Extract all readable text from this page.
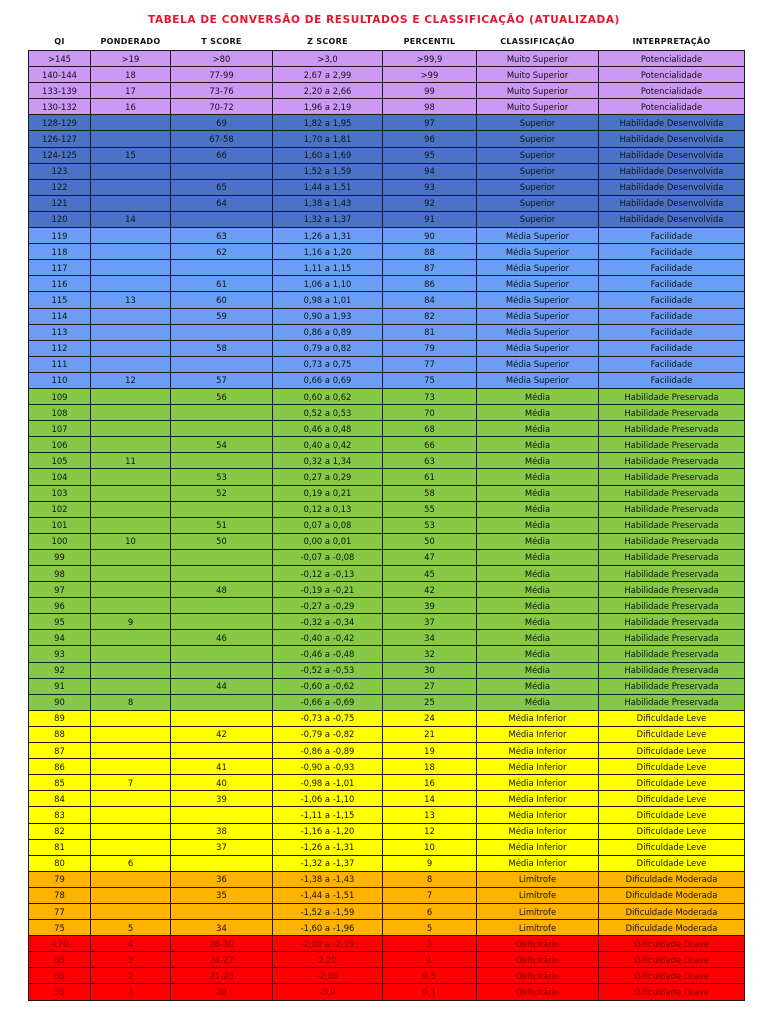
TABELA DE CONVERSÃO DE RESULTADOS E CLASSIFICAÇÃO (ATUALIZADA)
QI	PONDERADO	T SCORE	Z SCORE	PERCENTIL	CLASSIFICAÇÃO	INTERPRETAÇÃO
>145	>19	>80	>3,0	>99,9	Muito Superior	Potencialidade
140-144	18	77-99	2,67 a 2,99	>99	Muito Superior	Potencialidade
133-139	17	73-76	2,20 a 2,66	99	Muito Superior	Potencialidade
130-132	16	70-72	1,96 a 2,19	98	Muito Superior	Potencialidade
128-129		69	1,82 a 1,95	97	Superior	Habilidade Desenvolvida
126-127		67-58	1,70 a 1,81	96	Superior	Habilidade Desenvolvida
124-125	15	66	1,60 a 1,69	95	Superior	Habilidade Desenvolvida
123			1,52 a 1,59	94	Superior	Habilidade Desenvolvida
122		65	1,44 a 1,51	93	Superior	Habilidade Desenvolvida
121		64	1,38 a 1,43	92	Superior	Habilidade Desenvolvida
120	14		1,32 a 1,37	91	Superior	Habilidade Desenvolvida
119		63	1,26 a 1,31	90	Média Superior	Facilidade
118		62	1,16 a 1,20	88	Média Superior	Facilidade
117			1,11 a 1,15	87	Média Superior	Facilidade
116		61	1,06 a 1,10	86	Média Superior	Facilidade
115	13	60	0,98 a 1,01	84	Média Superior	Facilidade
114		59	0,90 a 1,93	82	Média Superior	Facilidade
113			0,86 a 0,89	81	Média Superior	Facilidade
112		58	0,79 a 0,82	79	Média Superior	Facilidade
111			0,73 a 0,75	77	Média Superior	Facilidade
110	12	57	0,66 a 0,69	75	Média Superior	Facilidade
109		56	0,60 a 0,62	73	Média	Habilidade Preservada
108			0,52 a 0,53	70	Média	Habilidade Preservada
107			0,46 a 0,48	68	Média	Habilidade Preservada
106		54	0,40 a 0,42	66	Média	Habilidade Preservada
105	11		0,32 a 1,34	63	Média	Habilidade Preservada
104		53	0,27 a 0,29	61	Média	Habilidade Preservada
103		52	0,19 a 0,21	58	Média	Habilidade Preservada
102			0,12 a 0,13	55	Média	Habilidade Preservada
101		51	0,07 a 0,08	53	Média	Habilidade Preservada
100	10	50	0,00 a 0,01	50	Média	Habilidade Preservada
99			-0,07 a -0,08	47	Média	Habilidade Preservada
98			-0,12 a -0,13	45	Média	Habilidade Preservada
97		48	-0,19 a -0,21	42	Média	Habilidade Preservada
96			-0,27 a -0,29	39	Média	Habilidade Preservada
95	9		-0,32 a -0,34	37	Média	Habilidade Preservada
94		46	-0,40 a -0,42	34	Média	Habilidade Preservada
93			-0,46 a -0,48	32	Média	Habilidade Preservada
92			-0,52 a -0,53	30	Média	Habilidade Preservada
91		44	-0,60 a -0,62	27	Média	Habilidade Preservada
90	8		-0,66 a -0,69	25	Média	Habilidade Preservada
89			-0,73 a -0,75	24	Média Inferior	Dificuldade Leve
88		42	-0,79 a -0,82	21	Média Inferior	Dificuldade Leve
87			-0,86 a -0,89	19	Média Inferior	Dificuldade Leve
86		41	-0,90 a -0,93	18	Média Inferior	Dificuldade Leve
85	7	40	-0,98 a -1,01	16	Média Inferior	Dificuldade Leve
84		39	-1,06 a -1,10	14	Média Inferior	Dificuldade Leve
83			-1,11 a -1,15	13	Média Inferior	Dificuldade Leve
82		38	-1,16 a -1,20	12	Média Inferior	Dificuldade Leve
81		37	-1,26 a -1,31	10	Média Inferior	Dificuldade Leve
80	6		-1,32 a -1,37	9	Média Inferior	Dificuldade Leve
79		36	-1,38 a -1,43	8	Limítrofe	Dificuldade Moderada
78		35	-1,44 a -1,51	7	Limítrofe	Dificuldade Moderada
77			-1,52 a -1,59	6	Limítrofe	Dificuldade Moderada
75	5	34	-1,60 a -1,96	5	Limítrofe	Dificuldade Moderada
<70	4	28-30	-2,00 a -2,19	2	Deficitário	Dificuldade Grave
65	3	24-27	2,20	1	Deficitário	Dificuldade Grave
60	2	21-23	-2,60	0,5	Deficitário	Dificuldade Grave
55	1	20	-3,0	0,1	Deficitário	Dificuldade Grave
